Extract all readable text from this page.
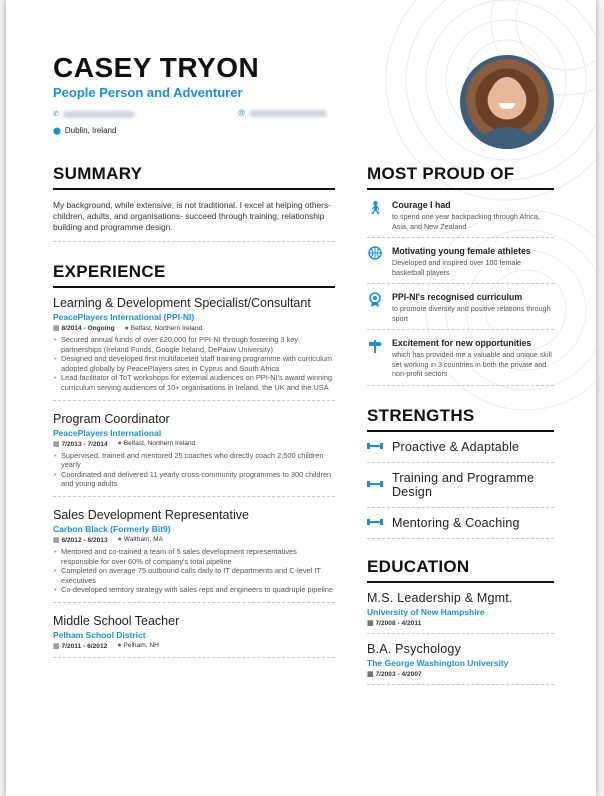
CASEY TRYON
People Person and Adventurer
✆	@
⬤ Dublin, Ireland
SUMMARY
My background, while extensive, is not traditional. I excel at helping others- children, adults, and organisations- succeed through training, relationship building and programme design.
EXPERIENCE
Learning & Development Specialist/Consultant
PeacePlayers International (PPI-NI)
▦ 8/2014 - Ongoing ● Belfast, Northern Ireland
• Secured annual funds of over £20,000 for PPI-NI through fostering 3 key partnerships (Ireland Funds, Google Ireland, DePauw University)
• Designed and developed first multifaceted staff training programme with curriculum adopted globally by PeacePlayers sites in Cyprus and South Africa
• Lead facilitator of ToT workshops for external audiences on PPI-NI's award winning curriculum serving audiences of 10+ organisations in Ireland, the UK and the USA
Program Coordinator
PeacePlayers International
▦ 7/2013 - 7/2014 ● Belfast, Northern Ireland
• Supervised, trained and mentored 25 coaches who directly coach 2,500 children yearly
• Coordinated and delivered 11 yearly cross-community programmes to 300 children and young adults
Sales Development Representative
Carbon Black (Formerly Bit9)
▦ 6/2012 - 6/2013 ● Waltham, MA
• Mentored and co-trained a team of 5 sales development representatives responsible for over 60% of company's total pipeline
• Completed on average 75 outbound calls daily to IT departments and C-level IT executives
• Co-developed territory strategy with sales reps and engineers to quadruple pipeline
Middle School Teacher
Pelham School District
▦ 7/2011 - 6/2012 ● Pelham, NH
MOST PROUD OF
🚶︎ Courage I had
to spend one year backpacking through Africa, Asia, and New Zealand
Motivating young female athletes
Developed and inspired over 100 female basketball players
PPI-NI's recognised curriculum
to promote diversity and positive relations through sport
Excitement for new opportunities
which has provided me a valuable and unique skill set working in 3 countries in both the private and non-profit sectors
STRENGTHS
Proactive & Adaptable
Training and Programme Design
Mentoring & Coaching
EDUCATION
M.S. Leadership & Mgmt.
University of New Hampshire
▦ 7/2008 - 4/2011
B.A. Psychology
The George Washington University
▦ 7/2003 - 4/2007
